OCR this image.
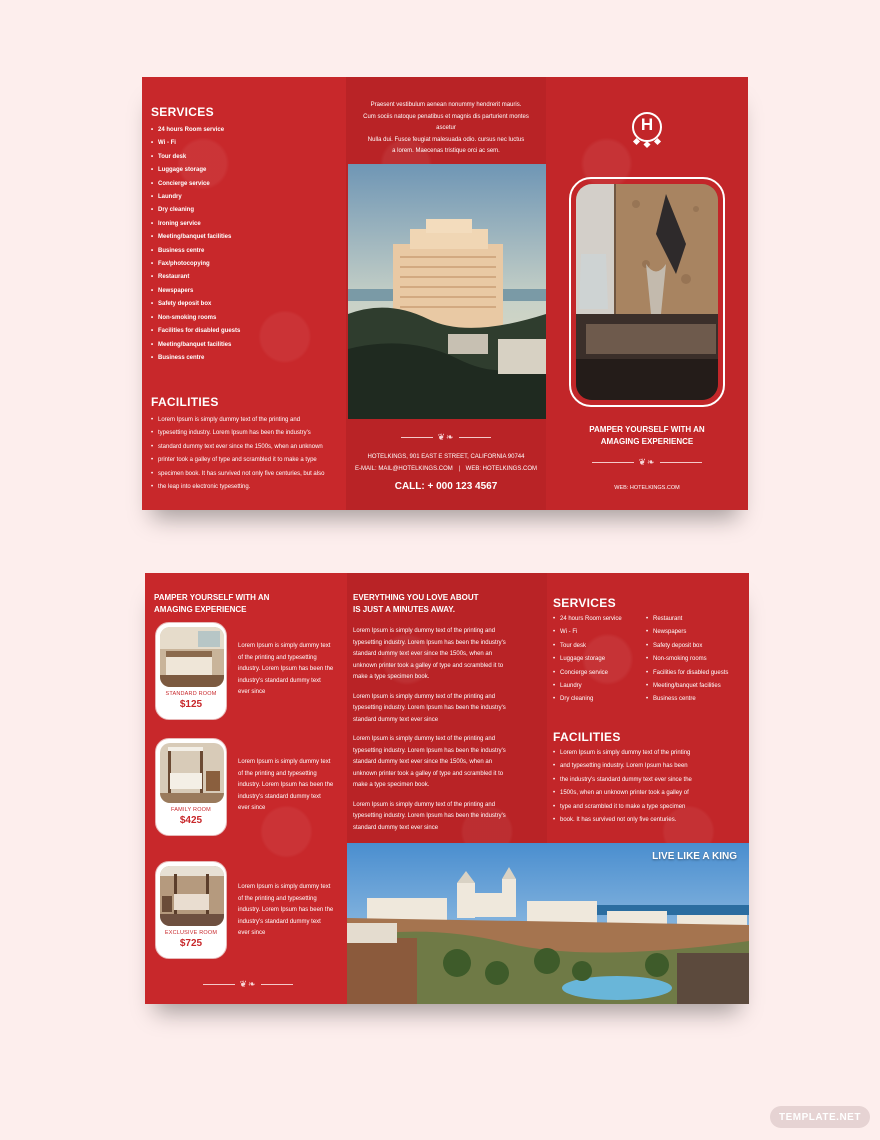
SERVICES
• 24 hours Room service
• Wi - Fi
• Tour desk
• Luggage storage
• Concierge service
• Laundry
• Dry cleaning
• Ironing service
• Meeting/banquet facilities
• Business centre
• Fax/photocopying
• Restaurant
• Newspapers
• Safety deposit box
• Non-smoking rooms
• Facilities for disabled guests
• Meeting/banquet facilities
• Business centre
FACILITIES
• Lorem Ipsum is simply dummy text of the printing and
• typesetting industry. Lorem Ipsum has been the industry's
• standard dummy text ever since the 1500s, when an unknown
• printer took a galley of type and scrambled it to make a type
• specimen book. It has survived not only five centuries, but also
• the leap into electronic typesetting.
Praesent vestibulum aenean nonummy hendrerit mauris.
Cum sociis natoque penatibus et magnis dis parturient montes
ascetur
Nulla dui. Fusce feugiat malesuada odio. cursus nec luctus
a lorem. Maecenas tristique orci ac sem.
❦❧
HOTELKINGS, 901 EAST E STREET, CALIFORNIA 90744
E-MAIL: MAIL@HOTELKINGS.COM | WEB: HOTELKINGS.COM
CALL: + 000 123 4567
H
PAMPER YOURSELF WITH AN AMAGING EXPERIENCE
❦❧
WEB: HOTELKINGS.COM
PAMPER YOURSELF WITH AN AMAGING EXPERIENCE
STANDARD ROOM
$125
Lorem Ipsum is simply dummy text
of the printing and typesetting
industry. Lorem Ipsum has been the
industry's standard dummy text
ever since
FAMILY ROOM
$425
Lorem Ipsum is simply dummy text
of the printing and typesetting
industry. Lorem Ipsum has been the
industry's standard dummy text
ever since
EXCLUSIVE ROOM
$725
Lorem Ipsum is simply dummy text
of the printing and typesetting
industry. Lorem Ipsum has been the
industry's standard dummy text
ever since
❦❧
EVERYTHING YOU LOVE ABOUT IS JUST A MINUTES AWAY.
Lorem Ipsum is simply dummy text of the printing and
typesetting industry. Lorem Ipsum has been the industry's
standard dummy text ever since the 1500s, when an
unknown printer took a galley of type and scrambled it to
make a type specimen book.
Lorem Ipsum is simply dummy text of the printing and
typesetting industry. Lorem Ipsum has been the industry's
standard dummy text ever since
Lorem Ipsum is simply dummy text of the printing and
typesetting industry. Lorem Ipsum has been the industry's
standard dummy text ever since the 1500s, when an
unknown printer took a galley of type and scrambled it to
make a type specimen book.
Lorem Ipsum is simply dummy text of the printing and
typesetting industry. Lorem Ipsum has been the industry's
standard dummy text ever since
SERVICES
• 24 hours Room service
• Wi - Fi
• Tour desk
• Luggage storage
• Concierge service
• Laundry
• Dry cleaning
• Restaurant
• Newspapers
• Safety deposit box
• Non-smoking rooms
• Facilities for disabled guests
• Meeting/banquet facilities
• Business centre
FACILITIES
• Lorem Ipsum is simply dummy text of the printing
• and typesetting industry. Lorem Ipsum has been
• the industry's standard dummy text ever since the
• 1500s, when an unknown printer took a galley of
• type and scrambled it to make a type specimen
• book. It has survived not only five centuries.
LIVE LIKE A KING
TEMPLATE.NET
